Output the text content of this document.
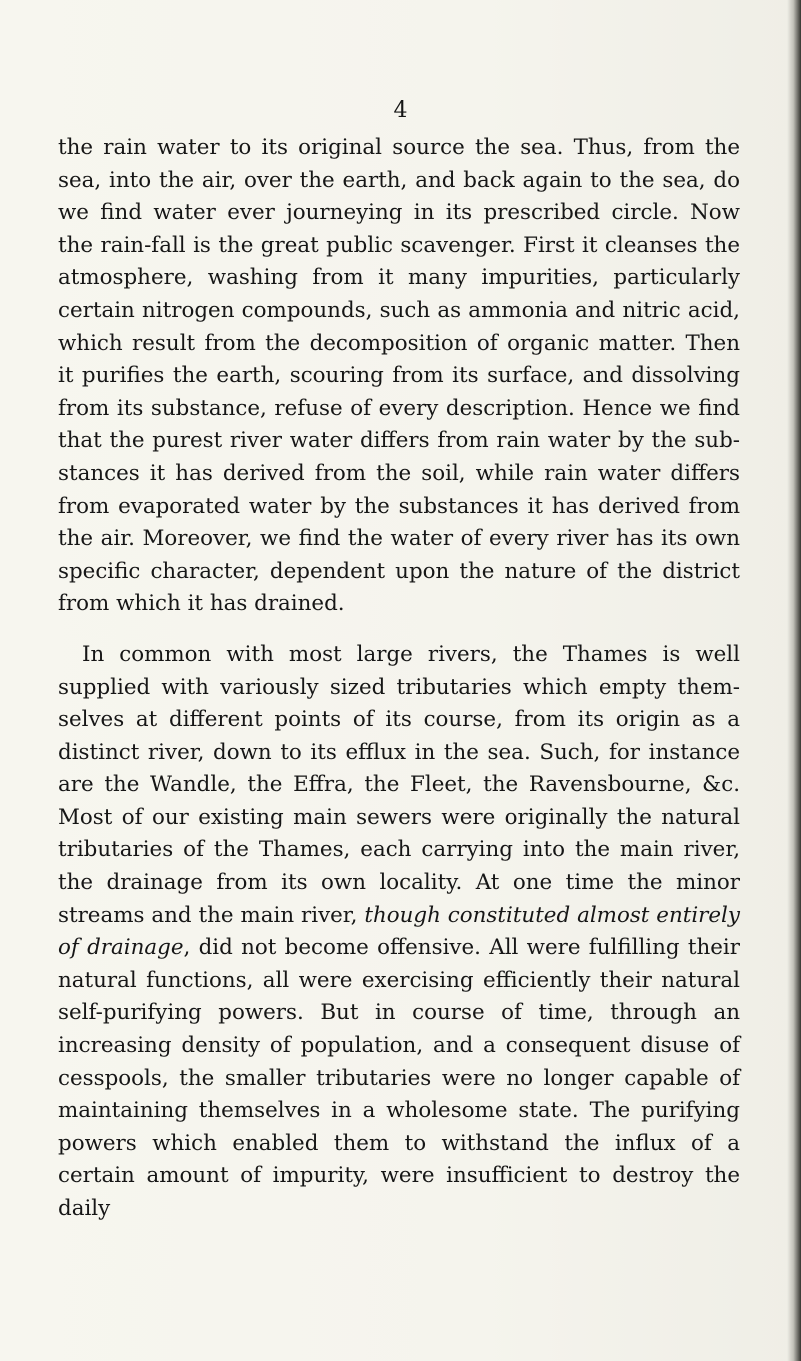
4

the rain water to its original source the sea. Thus, from the sea, into the air, over the earth, and back again to the sea, do we find water ever journeying in its prescribed circle. Now the rain-fall is the great public scavenger. First it cleanses the atmosphere, washing from it many impurities, particularly certain nitrogen compounds, such as ammonia and nitric acid, which result from the decomposition of organic matter. Then it purifies the earth, scouring from its surface, and dissolving from its substance, refuse of every description. Hence we find that the purest river water differs from rain water by the sub-stances it has derived from the soil, while rain water differs from evaporated water by the substances it has derived from the air. Moreover, we find the water of every river has its own specific character, dependent upon the nature of the district from which it has drained.

In common with most large rivers, the Thames is well supplied with variously sized tributaries which empty them-selves at different points of its course, from its origin as a distinct river, down to its efflux in the sea. Such, for instance are the Wandle, the Effra, the Fleet, the Ravensbourne, &c. Most of our existing main sewers were originally the natural tributaries of the Thames, each carrying into the main river, the drainage from its own locality. At one time the minor streams and the main river, though constituted almost entirely of drainage, did not become offensive. All were fulfilling their natural functions, all were exercising efficiently their natural self-purifying powers. But in course of time, through an increasing density of population, and a consequent disuse of cesspools, the smaller tributaries were no longer capable of maintaining themselves in a wholesome state. The purifying powers which enabled them to withstand the influx of a certain amount of impurity, were insufficient to destroy the daily
